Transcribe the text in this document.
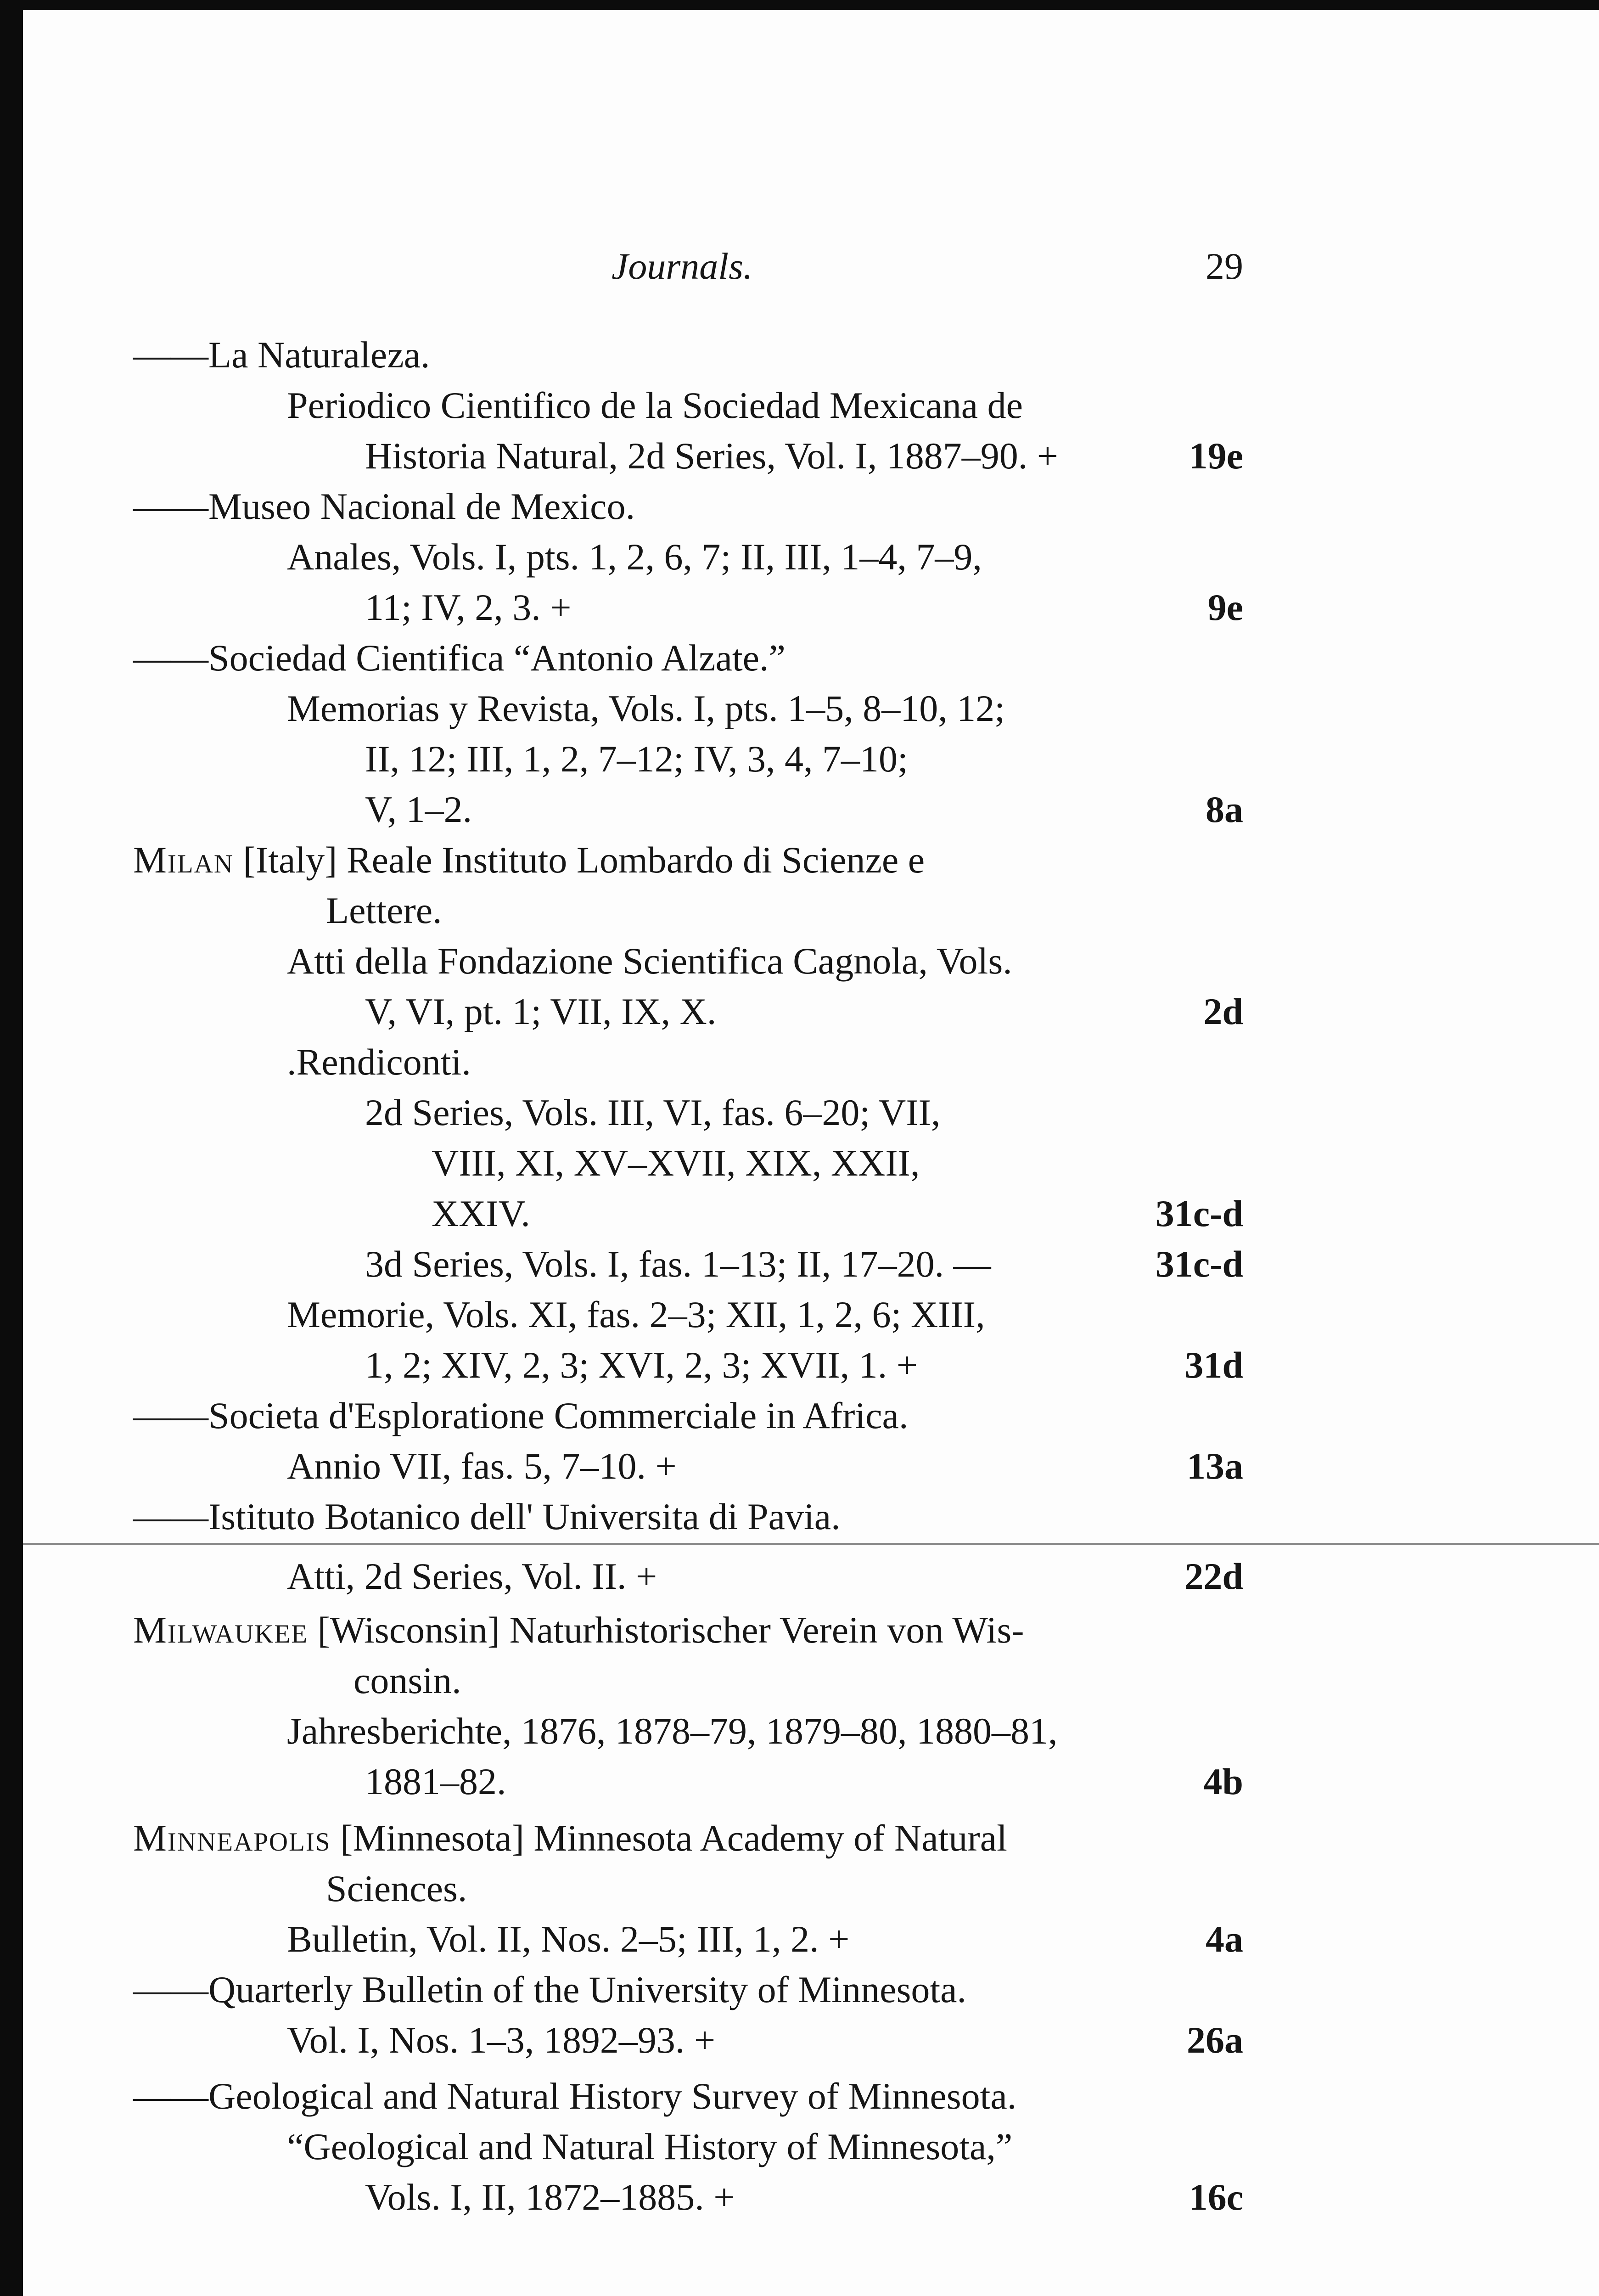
Journals.	29
——La Naturaleza.
Periodico Cientifico de la Sociedad Mexicana de
Historia Natural, 2d Series, Vol. I, 1887–90. +	19e
——Museo Nacional de Mexico.
Anales, Vols. I, pts. 1, 2, 6, 7; II, III, 1–4, 7–9,
11; IV, 2, 3. +	9e
——Sociedad Cientifica “Antonio Alzate.”
Memorias y Revista, Vols. I, pts. 1–5, 8–10, 12;
II, 12; III, 1, 2, 7–12; IV, 3, 4, 7–10;
V, 1–2.	8a
Milan [Italy] Reale Instituto Lombardo di Scienze e
Lettere.
Atti della Fondazione Scientifica Cagnola, Vols.
V, VI, pt. 1; VII, IX, X.	2d
.Rendiconti.
2d Series, Vols. III, VI, fas. 6–20; VII,
VIII, XI, XV–XVII, XIX, XXII,
XXIV.	31c-d
3d Series, Vols. I, fas. 1–13; II, 17–20. —	31c-d
Memorie, Vols. XI, fas. 2–3; XII, 1, 2, 6; XIII,
1, 2; XIV, 2, 3; XVI, 2, 3; XVII, 1. +	31d
——Societa d'Esploratione Commerciale in Africa.
Annio VII, fas. 5, 7–10. +	13a
——Istituto Botanico dell' Universita di Pavia.
Atti, 2d Series, Vol. II. +	22d
Milwaukee [Wisconsin] Naturhistorischer Verein von Wis-
consin.
Jahresberichte, 1876, 1878–79, 1879–80, 1880–81,
1881–82.	4b
Minneapolis [Minnesota] Minnesota Academy of Natural
Sciences.
Bulletin, Vol. II, Nos. 2–5; III, 1, 2. +	4a
——Quarterly Bulletin of the University of Minnesota.
Vol. I, Nos. 1–3, 1892–93. +	26a
——Geological and Natural History Survey of Minnesota.
“Geological and Natural History of Minnesota,”
Vols. I, II, 1872–1885. +	16c
